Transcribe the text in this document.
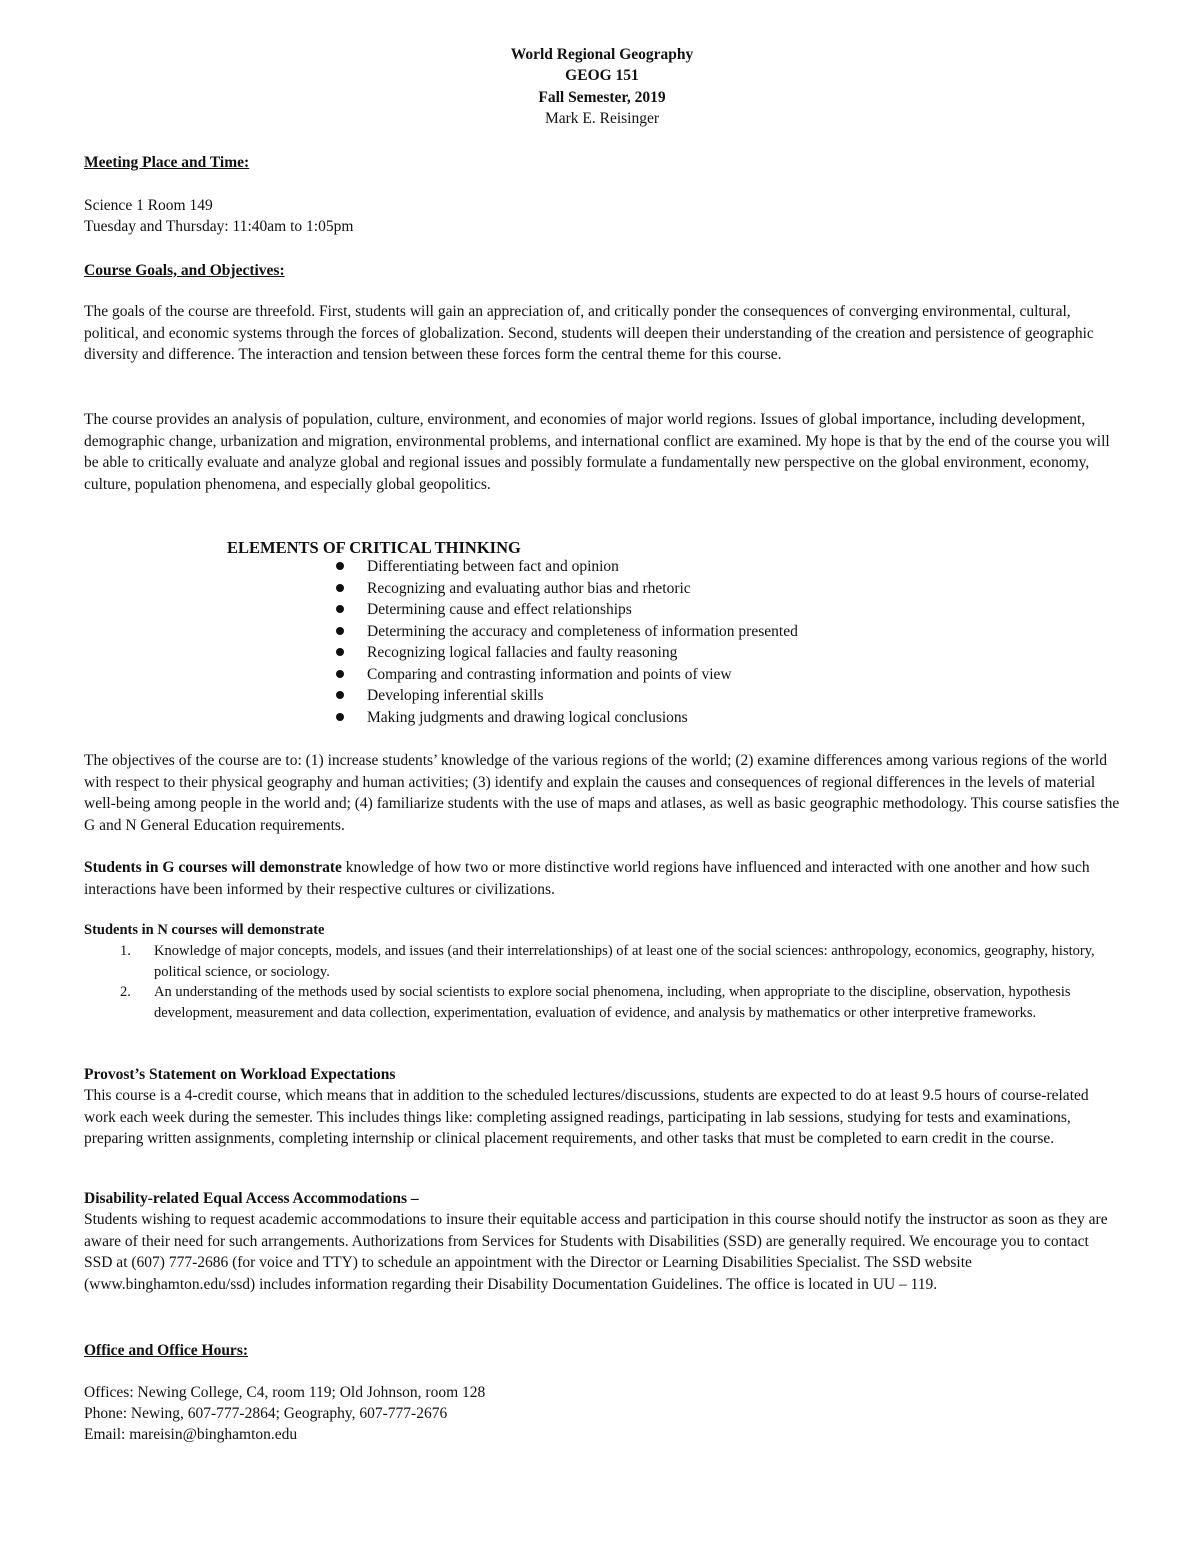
World Regional Geography
GEOG 151
Fall Semester, 2019
Mark E. Reisinger
Meeting Place and Time:
Science 1 Room 149
Tuesday and Thursday: 11:40am to 1:05pm
Course Goals, and Objectives:
The goals of the course are threefold. First, students will gain an appreciation of, and critically ponder the consequences of converging environmental, cultural, political, and economic systems through the forces of globalization. Second, students will deepen their understanding of the creation and persistence of geographic diversity and difference. The interaction and tension between these forces form the central theme for this course.
The course provides an analysis of population, culture, environment, and economies of major world regions. Issues of global importance, including development, demographic change, urbanization and migration, environmental problems, and international conflict are examined. My hope is that by the end of the course you will be able to critically evaluate and analyze global and regional issues and possibly formulate a fundamentally new perspective on the global environment, economy, culture, population phenomena, and especially global geopolitics.
ELEMENTS OF CRITICAL THINKING
Differentiating between fact and opinion
Recognizing and evaluating author bias and rhetoric
Determining cause and effect relationships
Determining the accuracy and completeness of information presented
Recognizing logical fallacies and faulty reasoning
Comparing and contrasting information and points of view
Developing inferential skills
Making judgments and drawing logical conclusions
The objectives of the course are to: (1) increase students’ knowledge of the various regions of the world; (2) examine differences among various regions of the world with respect to their physical geography and human activities; (3) identify and explain the causes and consequences of regional differences in the levels of material well-being among people in the world and; (4) familiarize students with the use of maps and atlases, as well as basic geographic methodology. This course satisfies the G and N General Education requirements.
Students in G courses will demonstrate knowledge of how two or more distinctive world regions have influenced and interacted with one another and how such interactions have been informed by their respective cultures or civilizations.
Students in N courses will demonstrate
1. Knowledge of major concepts, models, and issues (and their interrelationships) of at least one of the social sciences: anthropology, economics, geography, history, political science, or sociology.
2. An understanding of the methods used by social scientists to explore social phenomena, including, when appropriate to the discipline, observation, hypothesis development, measurement and data collection, experimentation, evaluation of evidence, and analysis by mathematics or other interpretive frameworks.
Provost’s Statement on Workload Expectations
This course is a 4-credit course, which means that in addition to the scheduled lectures/discussions, students are expected to do at least 9.5 hours of course-related work each week during the semester. This includes things like: completing assigned readings, participating in lab sessions, studying for tests and examinations, preparing written assignments, completing internship or clinical placement requirements, and other tasks that must be completed to earn credit in the course.
Disability-related Equal Access Accommodations –
Students wishing to request academic accommodations to insure their equitable access and participation in this course should notify the instructor as soon as they are aware of their need for such arrangements. Authorizations from Services for Students with Disabilities (SSD) are generally required. We encourage you to contact SSD at (607) 777-2686 (for voice and TTY) to schedule an appointment with the Director or Learning Disabilities Specialist. The SSD website (www.binghamton.edu/ssd) includes information regarding their Disability Documentation Guidelines. The office is located in UU – 119.
Office and Office Hours:
Offices: Newing College, C4, room 119; Old Johnson, room 128
Phone: Newing, 607-777-2864; Geography, 607-777-2676
Email: mareisin@binghamton.edu
